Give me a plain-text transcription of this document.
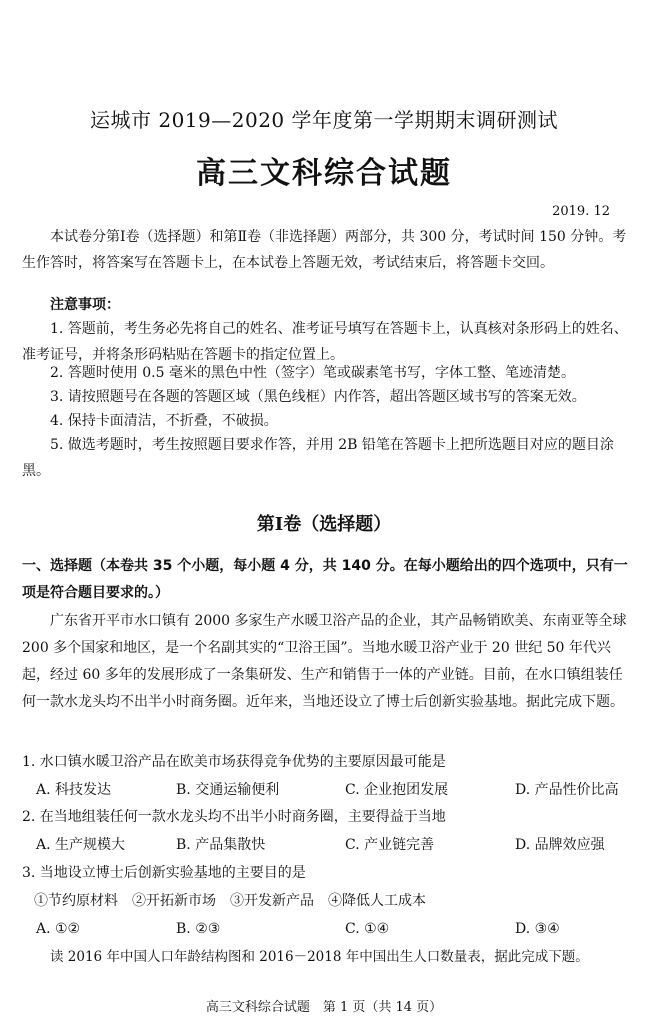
运城市 2019—2020 学年度第一学期期末调研测试
高三文科综合试题
2019. 12
本试卷分第Ⅰ卷（选择题）和第Ⅱ卷（非选择题）两部分，共 300 分，考试时间 150 分钟。考生作答时，将答案写在答题卡上，在本试卷上答题无效，考试结束后，将答题卡交回。
注意事项：
1. 答题前，考生务必先将自己的姓名、准考证号填写在答题卡上，认真核对条形码上的姓名、准考证号，并将条形码粘贴在答题卡的指定位置上。
2. 答题时使用 0.5 毫米的黑色中性（签字）笔或碳素笔书写，字体工整、笔迹清楚。
3. 请按照题号在各题的答题区域（黑色线框）内作答，超出答题区域书写的答案无效。
4. 保持卡面清洁，不折叠，不破损。
5. 做选考题时，考生按照题目要求作答，并用 2B 铅笔在答题卡上把所选题目对应的题目涂黑。
第Ⅰ卷（选择题）
一、选择题（本卷共 35 个小题，每小题 4 分，共 140 分。在每小题给出的四个选项中，只有一项是符合题目要求的。）
广东省开平市水口镇有 2000 多家生产水暖卫浴产品的企业，其产品畅销欧美、东南亚等全球 200 多个国家和地区，是一个名副其实的“卫浴王国”。当地水暖卫浴产业于 20 世纪 50 年代兴起，经过 60 多年的发展形成了一条集研发、生产和销售于一体的产业链。目前，在水口镇组装任何一款水龙头均不出半小时商务圈。近年来，当地还设立了博士后创新实验基地。据此完成下题。
1. 水口镇水暖卫浴产品在欧美市场获得竞争优势的主要原因最可能是
A. 科技发达	B. 交通运输便利	C. 企业抱团发展	D. 产品性价比高
2. 在当地组装任何一款水龙头均不出半小时商务圈，主要得益于当地
A. 生产规模大	B. 产品集散快	C. 产业链完善	D. 品牌效应强
3. 当地设立博士后创新实验基地的主要目的是
①节约原材料　②开拓新市场　③开发新产品　④降低人工成本
A. ①②	B. ②③	C. ①④	D. ③④
读 2016 年中国人口年龄结构图和 2016－2018 年中国出生人口数量表，据此完成下题。
高三文科综合试题　第 1 页（共 14 页）
